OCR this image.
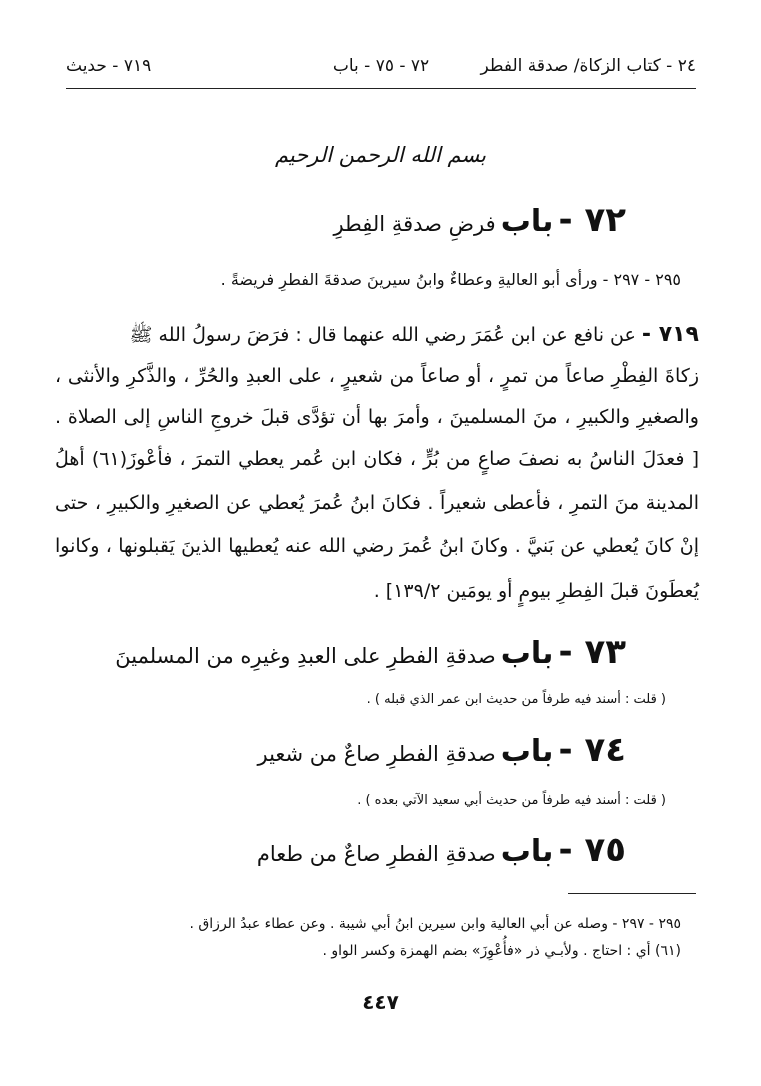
٢٤ - كتاب الزكاة/ صدقة الفطر
٧٢ - ٧٥ - باب
٧١٩ - حديث
بسم الله الرحمن الرحيم
٧٢ - باب فرضِ صدقةِ الفِطرِ
٢٩٥ - ٢٩٧ - ورأى أبو العاليةِ وعطاءٌ وابنُ سيرينَ صدقةَ الفطرِ فريضةً .
٧١٩ - عن نافع عن ابن عُمَرَ رضي الله عنهما قال : فرَضَ رسولُ الله ﷺ
زكاةَ الفِطْرِ صاعاً من تمرٍ ، أو صاعاً من شعيرٍ ، على العبدِ والحُرِّ ، والذَّكرِ والأنثى ،
والصغيرِ والكبيرِ ، منَ المسلمينَ ، وأمرَ بها أن تؤدَّى قبلَ خروجِ الناسِ إلى الصلاة .
[ فعدَلَ الناسُ به نصفَ صاعٍ من بُرٍّ ، فكان ابن عُمر يعطي التمرَ ، فأعْوزَ(٦١) أهلُ
المدينة منَ التمرِ ، فأعطى شعيراً . فكانَ ابنُ عُمرَ يُعطي عن الصغيرِ والكبيرِ ، حتى
إنْ كانَ يُعطي عن بَنيَّ . وكانَ ابنُ عُمرَ رضي الله عنه يُعطيها الذينَ يَقبلونها ، وكانوا
يُعطَونَ قبلَ الفِطرِ بيومٍ أو يومَين ١٣٩/٢] .
٧٣ - باب صدقةِ الفطرِ على العبدِ وغيرِه من المسلمينَ
( قلت : أسند فيه طرفاً من حديث ابن عمر الذي قبله ) .
٧٤ - باب صدقةِ الفطرِ صاعٌ من شعير
( قلت : أسند فيه طرفاً من حديث أبي سعيد الآتي بعده ) .
٧٥ - باب صدقةِ الفطرِ صاعٌ من طعام
٢٩٥ - ٢٩٧ - وصله عن أبي العالية وابن سيرين ابنُ أبي شيبة . وعن عطاء عبدُ الرزاق .
(٦١) أي : احتاج . ولأبـي ذر «فأُعْوِزَ» بضم الهمزة وكسر الواو .
٤٤٧
